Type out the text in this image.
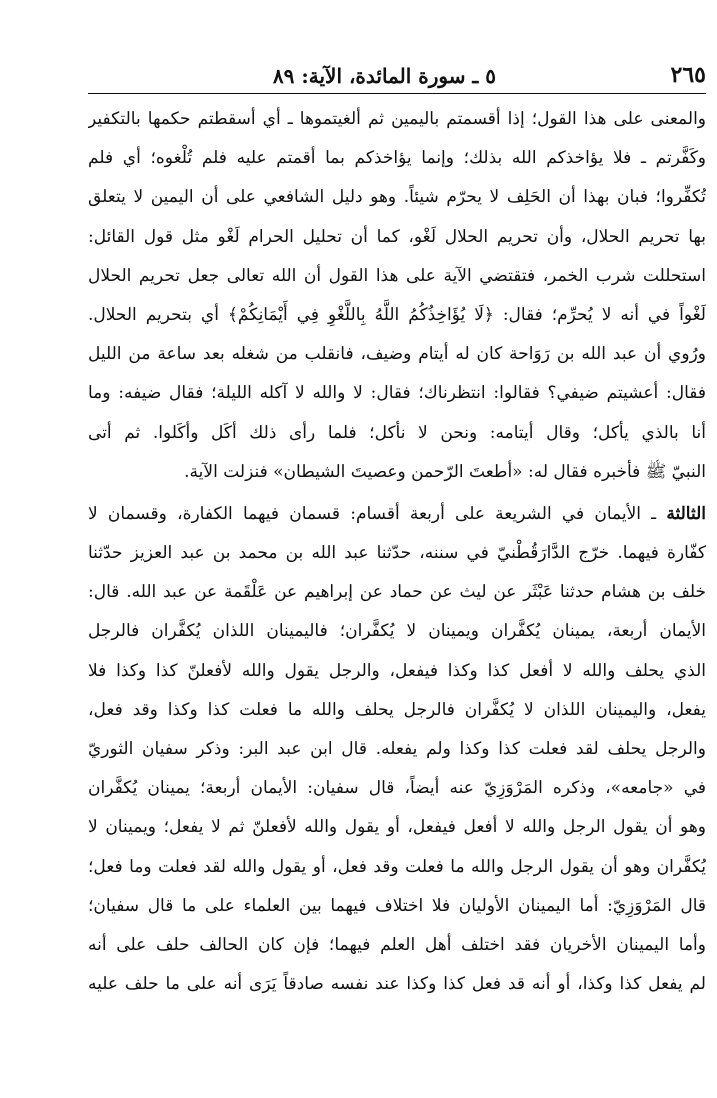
٥ ـ سورة المائدة، الآية: ٨٩	٢٦٥
والمعنى على هذا القول؛ إذا أقسمتم باليمين ثم ألغيتموها ـ أي أسقطتم حكمها بالتكفير
وكَفَّرتم ـ فلا يؤاخذكم الله بذلك؛ وإنما يؤاخذكم بما أقمتم عليه فلم تُلْغوه؛ أي فلم
تُكفِّروا؛ فبان بهذا أن الحَلِف لا يحرّم شيئاً. وهو دليل الشافعي على أن اليمين لا يتعلق
بها تحريم الحلال، وأن تحريم الحلال لَغْو، كما أن تحليل الحرام لَغْو مثل قول القائل:
استحللت شرب الخمر، فتقتضي الآية على هذا القول أن الله تعالى جعل تحريم الحلال
لَغْواً في أنه لا يُحرِّم؛ فقال: ﴿لَا يُؤَاخِذُكُمُ اللَّهُ بِاللَّغْوِ فِي أَيْمَانِكُمْ﴾ أي بتحريم الحلال.
ورُوي أن عبد الله بن رَوَاحة كان له أيتام وضيف، فانقلب من شغله بعد ساعة من الليل
فقال: أعشيتم ضيفي؟ فقالوا: انتظرناك؛ فقال: لا والله لا آكله الليلة؛ فقال ضيفه: وما
أنا بالذي يأكل؛ وقال أيتامه: ونحن لا نأكل؛ فلما رأى ذلك أكَل وأكَلوا. ثم أتى
النبيّ ﷺ فأخبره فقال له: «أطعتَ الرّحمن وعصيتَ الشيطان» فنزلت الآية.
الثالثة ـ الأيمان في الشريعة على أربعة أقسام: قسمان فيهما الكفارة، وقسمان لا
كفّارة فيهما. خرّج الدَّارَقُطْنيّ في سننه، حدّثنا عبد الله بن محمد بن عبد العزيز حدّثنا
خلف بن هشام حدثنا عَبْثَر عن ليث عن حماد عن إبراهيم عن عَلْقَمة عن عبد الله. قال:
الأيمان أربعة، يمينان يُكفَّران ويمينان لا يُكفَّران؛ فاليمينان اللذان يُكفَّران فالرجل
الذي يحلف والله لا أفعل كذا وكذا فيفعل، والرجل يقول والله لأفعلنّ كذا وكذا فلا
يفعل، واليمينان اللذان لا يُكفَّران فالرجل يحلف والله ما فعلت كذا وكذا وقد فعل،
والرجل يحلف لقد فعلت كذا وكذا ولم يفعله. قال ابن عبد البر: وذكر سفيان الثوريّ
في «جامعه»، وذكره المَرْوَزِيّ عنه أيضاً، قال سفيان: الأيمان أربعة؛ يمينان يُكفَّران
وهو أن يقول الرجل والله لا أفعل فيفعل، أو يقول والله لأفعلنّ ثم لا يفعل؛ ويمينان لا
يُكفَّران وهو أن يقول الرجل والله ما فعلت وقد فعل، أو يقول والله لقد فعلت وما فعل؛
قال المَرْوَزِيّ: أما اليمينان الأوليان فلا اختلاف فيهما بين العلماء على ما قال سفيان؛
وأما اليمينان الأخريان فقد اختلف أهل العلم فيهما؛ فإن كان الحالف حلف على أنه
لم يفعل كذا وكذا، أو أنه قد فعل كذا وكذا عند نفسه صادقاً يَرَى أنه على ما حلف عليه
